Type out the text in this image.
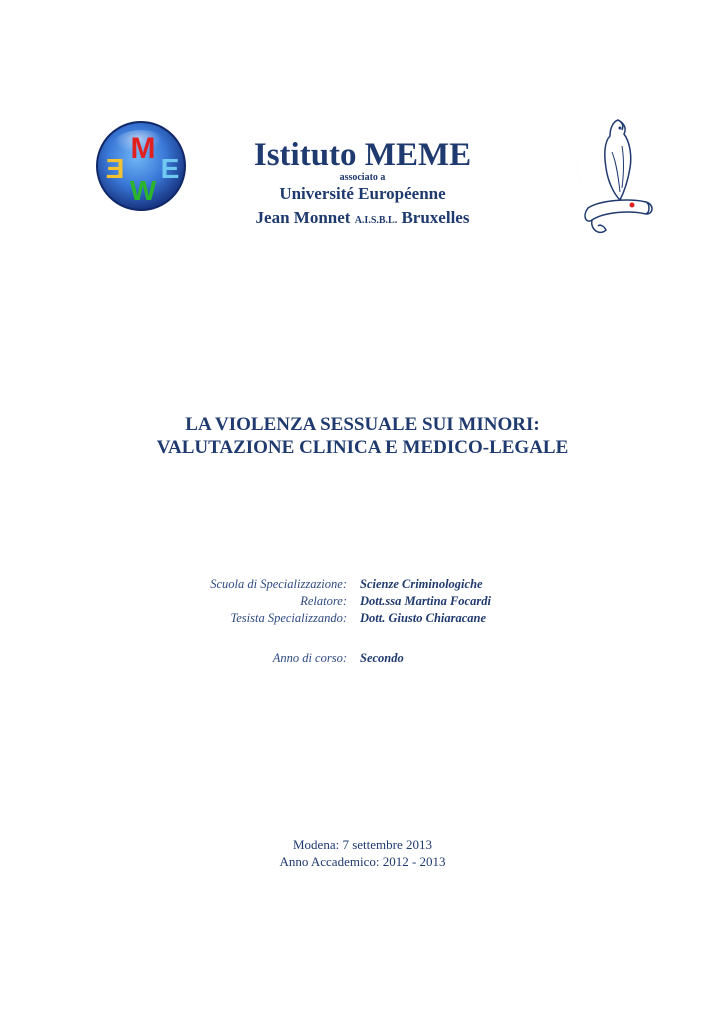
M
E E
W
Istituto MEME
associato a
Université Européenne
Jean Monnet A.I.S.B.L. Bruxelles
LA VIOLENZA SESSUALE SUI MINORI:
VALUTAZIONE CLINICA E MEDICO-LEGALE
Scuola di Specializzazione: Scienze Criminologiche
Relatore: Dott.ssa Martina Focardi
Tesista Specializzando: Dott. Giusto Chiaracane
Anno di corso: Secondo
Modena: 7 settembre 2013
Anno Accademico: 2012 - 2013
